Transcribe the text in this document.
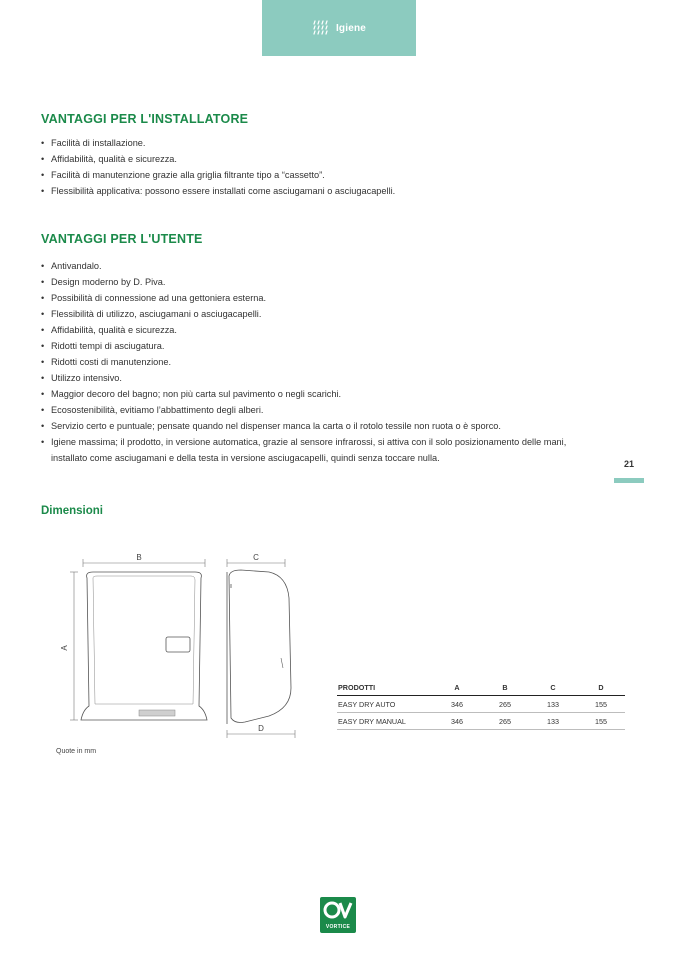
Igiene
VANTAGGI PER L'INSTALLATORE
• Facilità di installazione.
• Affidabilità, qualità e sicurezza.
• Facilità di manutenzione grazie alla griglia filtrante tipo a “cassetto”.
• Flessibilità applicativa: possono essere installati come asciugamani o asciugacapelli.
VANTAGGI PER L'UTENTE
• Antivandalo.
• Design moderno by D. Piva.
• Possibilità di connessione ad una gettoniera esterna.
• Flessibilità di utilizzo, asciugamani o asciugacapelli.
• Affidabilità, qualità e sicurezza.
• Ridotti tempi di asciugatura.
• Ridotti costi di manutenzione.
• Utilizzo intensivo.
• Maggior decoro del bagno; non più carta sul pavimento o negli scarichi.
• Ecosostenibilità, evitiamo l’abbattimento degli alberi.
• Servizio certo e puntuale; pensate quando nel dispenser manca la carta o il rotolo tessile non ruota o è sporco.
• Igiene massima; il prodotto, in versione automatica, grazie al sensore infrarossi, si attiva con il solo posizionamento delle mani, installato come asciugamani e della testa in versione asciugacapelli, quindi senza toccare nulla.
21
Dimensioni
B
A
C
D
Quote in mm
PRODOTTI	A	B	C	D
EASY DRY AUTO	346	265	133	155
EASY DRY MANUAL	346	265	133	155
VORTICE
